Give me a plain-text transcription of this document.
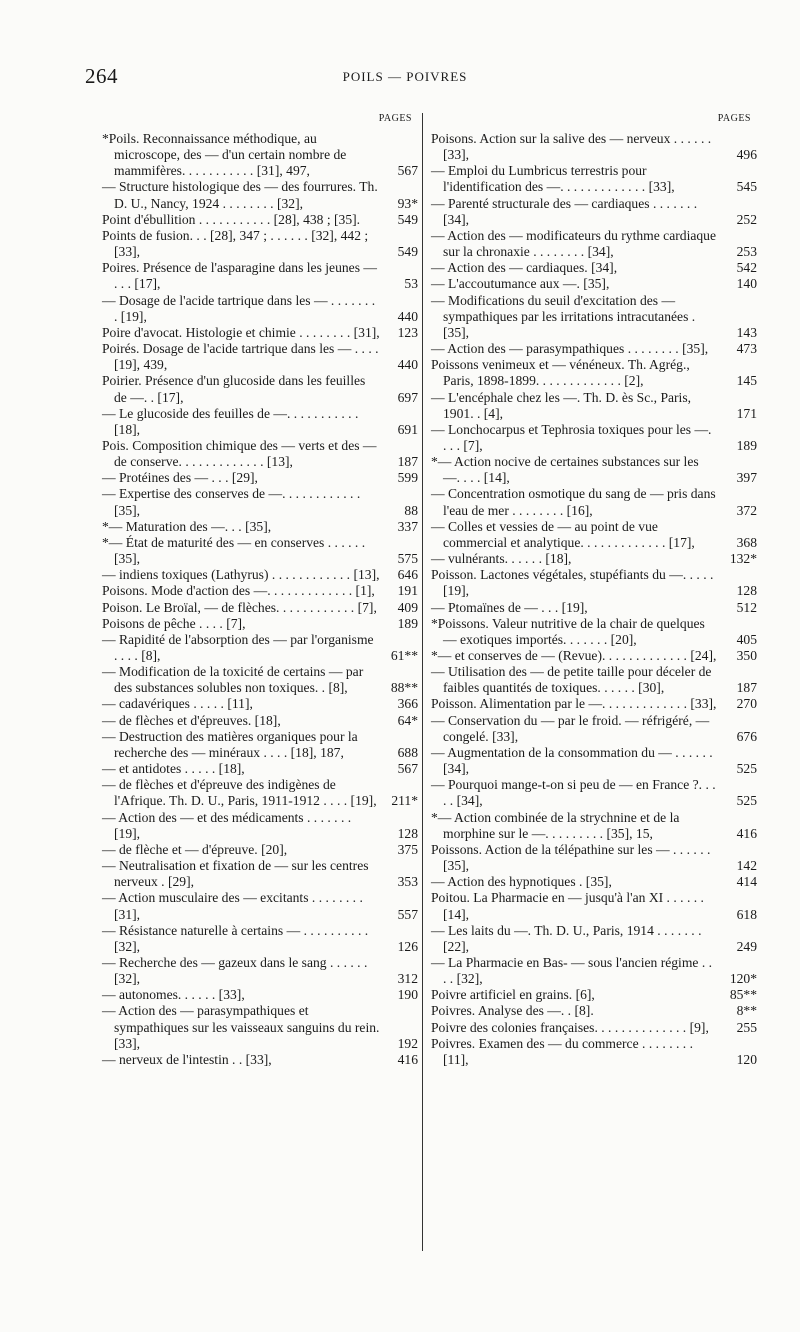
264	POILS — POIVRES
PAGES
*Poils. Reconnaissance méthodique, au microscope, des — d'un certain nombre de mammifères. . . . . . . . . . . [31], 497,	567
— Structure histologique des — des fourrures. Th. D. U., Nancy, 1924 . . . . . . . . [32],	93*
Point d'ébullition . . . . . . . . . . . [28], 438 ; [35].	549
Points de fusion. . . [28], 347 ; . . . . . . [32], 442 ; [33],	549
Poires. Présence de l'asparagine dans les jeunes — . . . [17],	53
— Dosage de l'acide tartrique dans les — . . . . . . . . [19],	440
Poire d'avocat. Histologie et chimie . . . . . . . . [31],	123
Poirés. Dosage de l'acide tartrique dans les — . . . . [19], 439,	440
Poirier. Présence d'un glucoside dans les feuilles de —. . [17],	697
— Le glucoside des feuilles de —. . . . . . . . . . . [18],	691
Pois. Composition chimique des — verts et des — de conserve. . . . . . . . . . . . . [13],	187
— Protéines des — . . . [29],	599
— Expertise des conserves de —. . . . . . . . . . . . [35],	88
*— Maturation des —. . . [35],	337
*— État de maturité des — en conserves . . . . . . [35],	575
— indiens toxiques (Lathyrus) . . . . . . . . . . . . [13],	646
Poisons. Mode d'action des —. . . . . . . . . . . . . [1],	191
Poison. Le Broïal, — de flèches. . . . . . . . . . . . [7],	409
Poisons de pêche . . . . [7],	189
— Rapidité de l'absorption des — par l'organisme . . . . [8],	61**
— Modification de la toxicité de certains — par des substances solubles non toxiques. . [8],	88**
— cadavériques . . . . . [11],	366
— de flèches et d'épreuves. [18],	64*
— Destruction des matières organiques pour la recherche des — minéraux . . . . [18], 187,	688
— et antidotes . . . . . [18],	567
— de flèches et d'épreuve des indigènes de l'Afrique. Th. D. U., Paris, 1911-1912 . . . . [19],	211*
— Action des — et des médicaments . . . . . . . [19],	128
— de flèche et — d'épreuve. [20],	375
— Neutralisation et fixation de — sur les centres nerveux . [29],	353
— Action musculaire des — excitants . . . . . . . . [31],	557
— Résistance naturelle à certains — . . . . . . . . . . [32],	126
— Recherche des — gazeux dans le sang . . . . . . [32],	312
— autonomes. . . . . . [33],	190
— Action des — parasympathiques et sympathiques sur les vaisseaux sanguins du rein. [33],	192
— nerveux de l'intestin . . [33],	416
PAGES
Poisons. Action sur la salive des — nerveux . . . . . . [33],	496
— Emploi du Lumbricus terrestris pour l'identification des —. . . . . . . . . . . . . [33],	545
— Parenté structurale des — cardiaques . . . . . . . [34],	252
— Action des — modificateurs du rythme cardiaque sur la chronaxie . . . . . . . . [34],	253
— Action des — cardiaques. [34],	542
— L'accoutumance aux —. [35],	140
— Modifications du seuil d'excitation des — sympathiques par les irritations intracutanées . [35],	143
— Action des — parasympathiques . . . . . . . . [35],	473
Poissons venimeux et — vénéneux. Th. Agrég., Paris, 1898-1899. . . . . . . . . . . . . [2],	145
— L'encéphale chez les —. Th. D. ès Sc., Paris, 1901. . [4],	171
— Lonchocarpus et Tephrosia toxiques pour les —. . . . [7],	189
*— Action nocive de certaines substances sur les —. . . . [14],	397
— Concentration osmotique du sang de — pris dans l'eau de mer . . . . . . . . [16],	372
— Colles et vessies de — au point de vue commercial et analytique. . . . . . . . . . . . . [17],	368
— vulnérants. . . . . . [18],	132*
Poisson. Lactones végétales, stupéfiants du —. . . . . [19],	128
— Ptomaïnes de — . . . [19],	512
*Poissons. Valeur nutritive de la chair de quelques — exotiques importés. . . . . . . [20],	405
*— et conserves de — (Revue). . . . . . . . . . . . . [24],	350
— Utilisation des — de petite taille pour déceler de faibles quantités de toxiques. . . . . . [30],	187
Poisson. Alimentation par le —. . . . . . . . . . . . . [33],	270
— Conservation du — par le froid. — réfrigéré, — congelé. [33],	676
— Augmentation de la consommation du — . . . . . . [34],	525
— Pourquoi mange-t-on si peu de — en France ?. . . . . [34],	525
*— Action combinée de la strychnine et de la morphine sur le —. . . . . . . . . [35], 15,	416
Poissons. Action de la télépathine sur les — . . . . . . [35],	142
— Action des hypnotiques . [35],	414
Poitou. La Pharmacie en — jusqu'à l'an XI . . . . . . [14],	618
— Les laits du —. Th. D. U., Paris, 1914 . . . . . . . [22],	249
— La Pharmacie en Bas- — sous l'ancien régime . . . . [32],	120*
Poivre artificiel en grains. [6],	85**
Poivres. Analyse des —. . [8].	8**
Poivre des colonies françaises. . . . . . . . . . . . . . [9],	255
Poivres. Examen des — du commerce . . . . . . . . [11],	120
